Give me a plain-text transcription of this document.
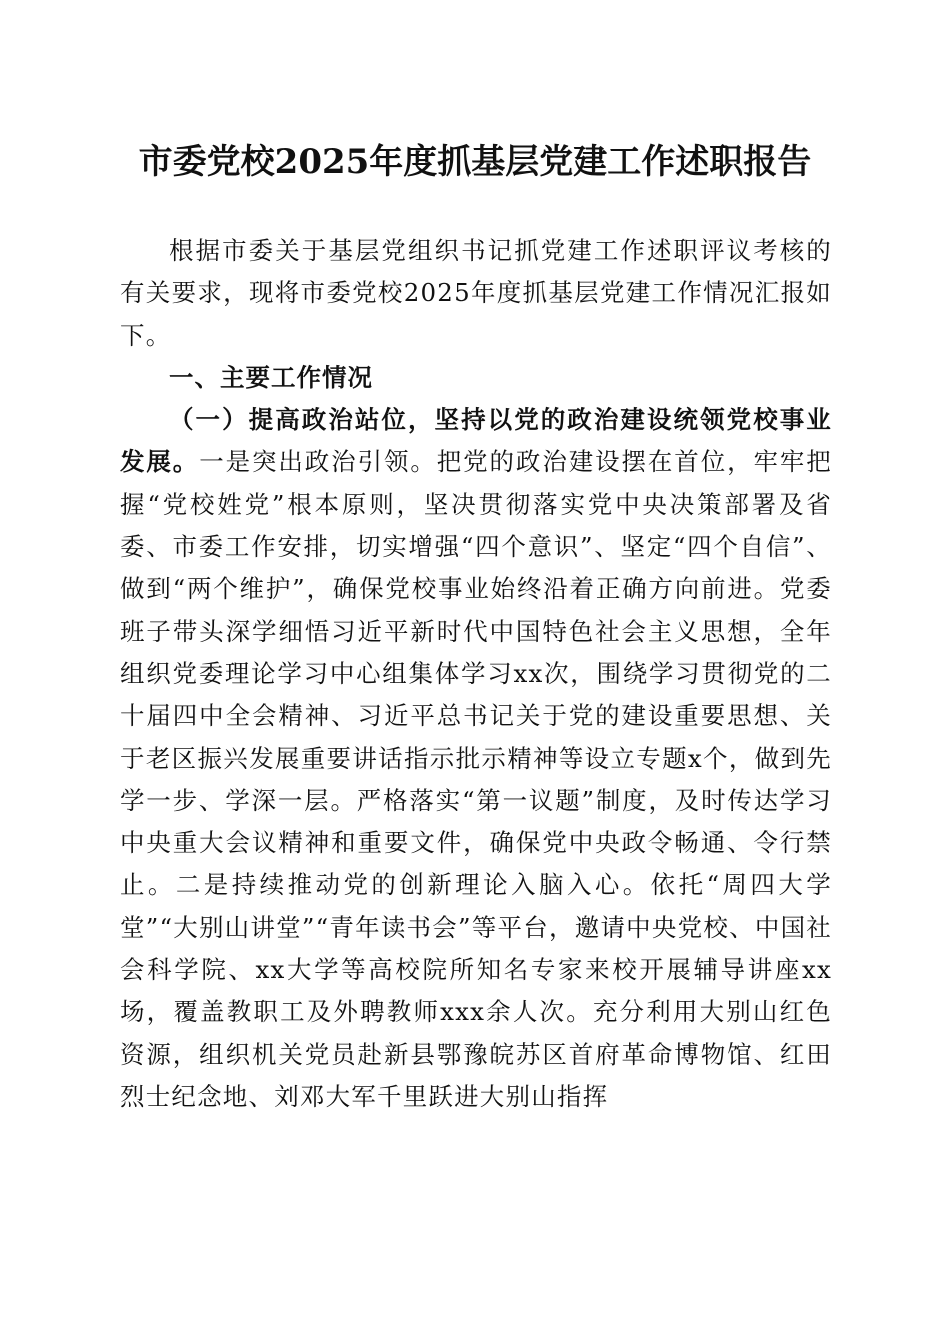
市委党校2025年度抓基层党建工作述职报告

根据市委关于基层党组织书记抓党建工作述职评议考核的有关要求，现将市委党校2025年度抓基层党建工作情况汇报如下。

一、主要工作情况

（一）提高政治站位，坚持以党的政治建设统领党校事业发展。一是突出政治引领。把党的政治建设摆在首位，牢牢把握“党校姓党”根本原则，坚决贯彻落实党中央决策部署及省委、市委工作安排，切实增强“四个意识”、坚定“四个自信”、做到“两个维护”，确保党校事业始终沿着正确方向前进。党委班子带头深学细悟习近平新时代中国特色社会主义思想，全年组织党委理论学习中心组集体学习xx次，围绕学习贯彻党的二十届四中全会精神、习近平总书记关于党的建设重要思想、关于老区振兴发展重要讲话指示批示精神等设立专题x个，做到先学一步、学深一层。严格落实“第一议题”制度，及时传达学习中央重大会议精神和重要文件，确保党中央政令畅通、令行禁止。二是持续推动党的创新理论入脑入心。依托“周四大学堂”“大别山讲堂”“青年读书会”等平台，邀请中央党校、中国社会科学院、xx大学等高校院所知名专家来校开展辅导讲座xx场，覆盖教职工及外聘教师xxx余人次。充分利用大别山红色资源，组织机关党员赴新县鄂豫皖苏区首府革命博物馆、红田烈士纪念地、刘邓大军千里跃进大别山指挥
